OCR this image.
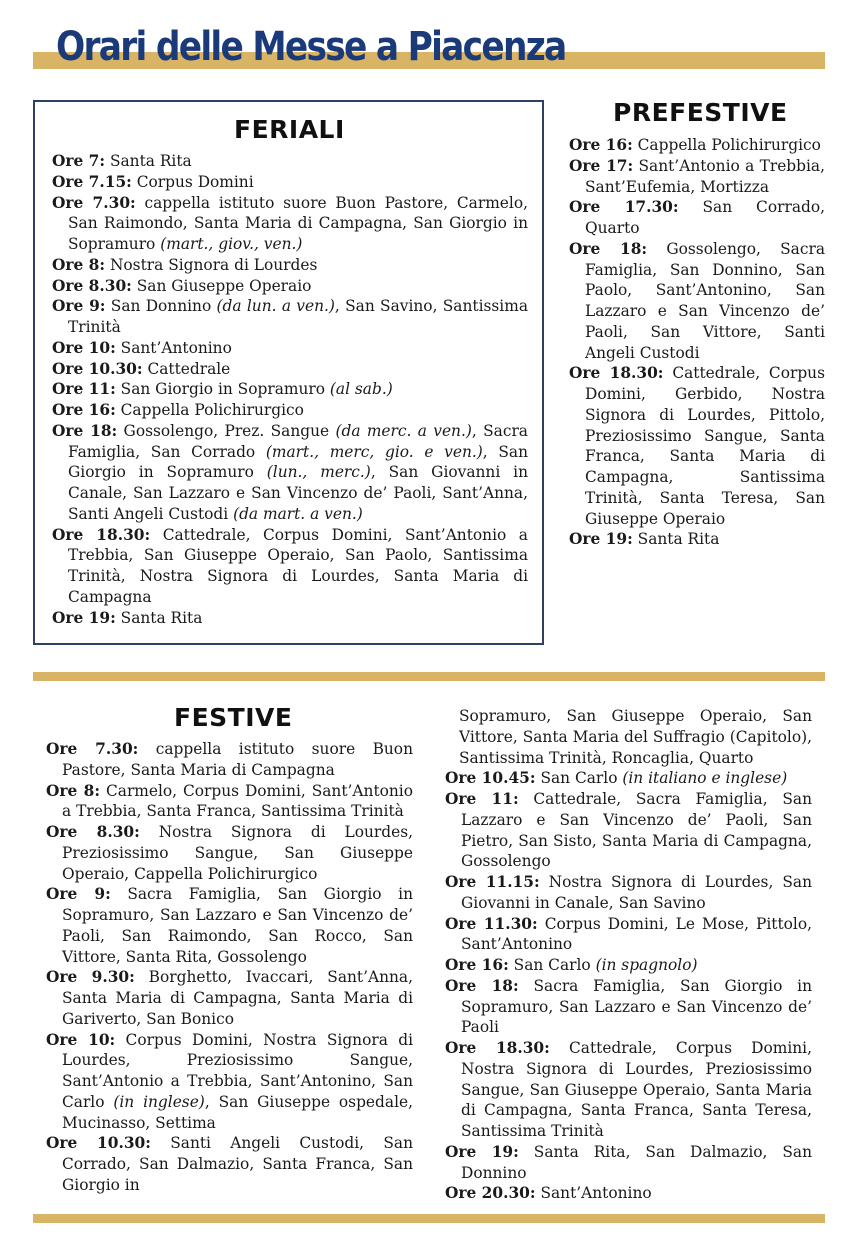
Orari delle Messe a Piacenza
FERIALI

Ore 7: Santa Rita

Ore 7.15: Corpus Domini

Ore 7.30: cappella istituto suore Buon Pastore, Carmelo, San Raimondo, Santa Maria di Campagna, San Giorgio in Sopramuro (mart., giov., ven.)

Ore 8: Nostra Signora di Lourdes

Ore 8.30: San Giuseppe Operaio

Ore 9: San Donnino (da lun. a ven.), San Savino, Santissima Trinità

Ore 10: Sant’Antonino

Ore 10.30: Cattedrale

Ore 11: San Giorgio in Sopramuro (al sab.)

Ore 16: Cappella Polichirurgico

Ore 18: Gossolengo, Prez. Sangue (da merc. a ven.), Sacra Famiglia, San Corrado (mart., merc, gio. e ven.), San Giorgio in Sopramuro (lun., merc.), San Giovanni in Canale, San Lazzaro e San Vincenzo de’ Paoli, Sant’Anna, Santi Angeli Custodi (da mart. a ven.)

Ore 18.30: Cattedrale, Corpus Domini, Sant’Antonio a Trebbia, San Giuseppe Operaio, San Paolo, Santissima Trinità, Nostra Signora di Lourdes, Santa Maria di Campagna

Ore 19: Santa Rita

PREFESTIVE

Ore 16: Cappella Polichirurgico

Ore 17: Sant’Antonio a Trebbia, Sant’Eufemia, Mortizza

Ore 17.30: San Corrado, Quarto

Ore 18: Gossolengo, Sacra Famiglia, San Donnino, San Paolo, Sant’Antonino, San Lazzaro e San Vincenzo de’ Paoli, San Vittore, Santi Angeli Custodi

Ore 18.30: Cattedrale, Corpus Domini, Gerbido, Nostra Signora di Lourdes, Pittolo, Preziosissimo Sangue, Santa Franca, Santa Maria di Campagna, Santissima Trinità, Santa Teresa, San Giuseppe Operaio

Ore 19: Santa Rita

FESTIVE

Ore 7.30: cappella istituto suore Buon Pastore, Santa Maria di Campagna

Ore 8: Carmelo, Corpus Domini, Sant’Antonio a Trebbia, Santa Franca, Santissima Trinità

Ore 8.30: Nostra Signora di Lourdes, Preziosissimo Sangue, San Giuseppe Operaio, Cappella Polichirurgico

Ore 9: Sacra Famiglia, San Giorgio in Sopramuro, San Lazzaro e San Vincenzo de’ Paoli, San Raimondo, San Rocco, San Vittore, Santa Rita, Gossolengo

Ore 9.30: Borghetto, Ivaccari, Sant’Anna, Santa Maria di Campagna, Santa Maria di Gariverto, San Bonico

Ore 10: Corpus Domini, Nostra Signora di Lourdes, Preziosissimo Sangue, Sant’Antonio a Trebbia, Sant’Antonino, San Carlo (in inglese), San Giuseppe ospedale, Mucinasso, Settima

Ore 10.30: Santi Angeli Custodi, San Corrado, San Dalmazio, Santa Franca, San Giorgio in

Sopramuro, San Giuseppe Operaio, San Vittore, Santa Maria del Suffragio (Capitolo), Santissima Trinità, Roncaglia, Quarto

Ore 10.45: San Carlo (in italiano e inglese)

Ore 11: Cattedrale, Sacra Famiglia, San Lazzaro e San Vincenzo de’ Paoli, San Pietro, San Sisto, Santa Maria di Campagna, Gossolengo

Ore 11.15: Nostra Signora di Lourdes, San Giovanni in Canale, San Savino

Ore 11.30: Corpus Domini, Le Mose, Pittolo, Sant’Antonino

Ore 16: San Carlo (in spagnolo)

Ore 18: Sacra Famiglia, San Giorgio in Sopramuro, San Lazzaro e San Vincenzo de’ Paoli

Ore 18.30: Cattedrale, Corpus Domini, Nostra Signora di Lourdes, Preziosissimo Sangue, San Giuseppe Operaio, Santa Maria di Campagna, Santa Franca, Santa Teresa, Santissima Trinità

Ore 19: Santa Rita, San Dalmazio, San Donnino

Ore 20.30: Sant’Antonino
